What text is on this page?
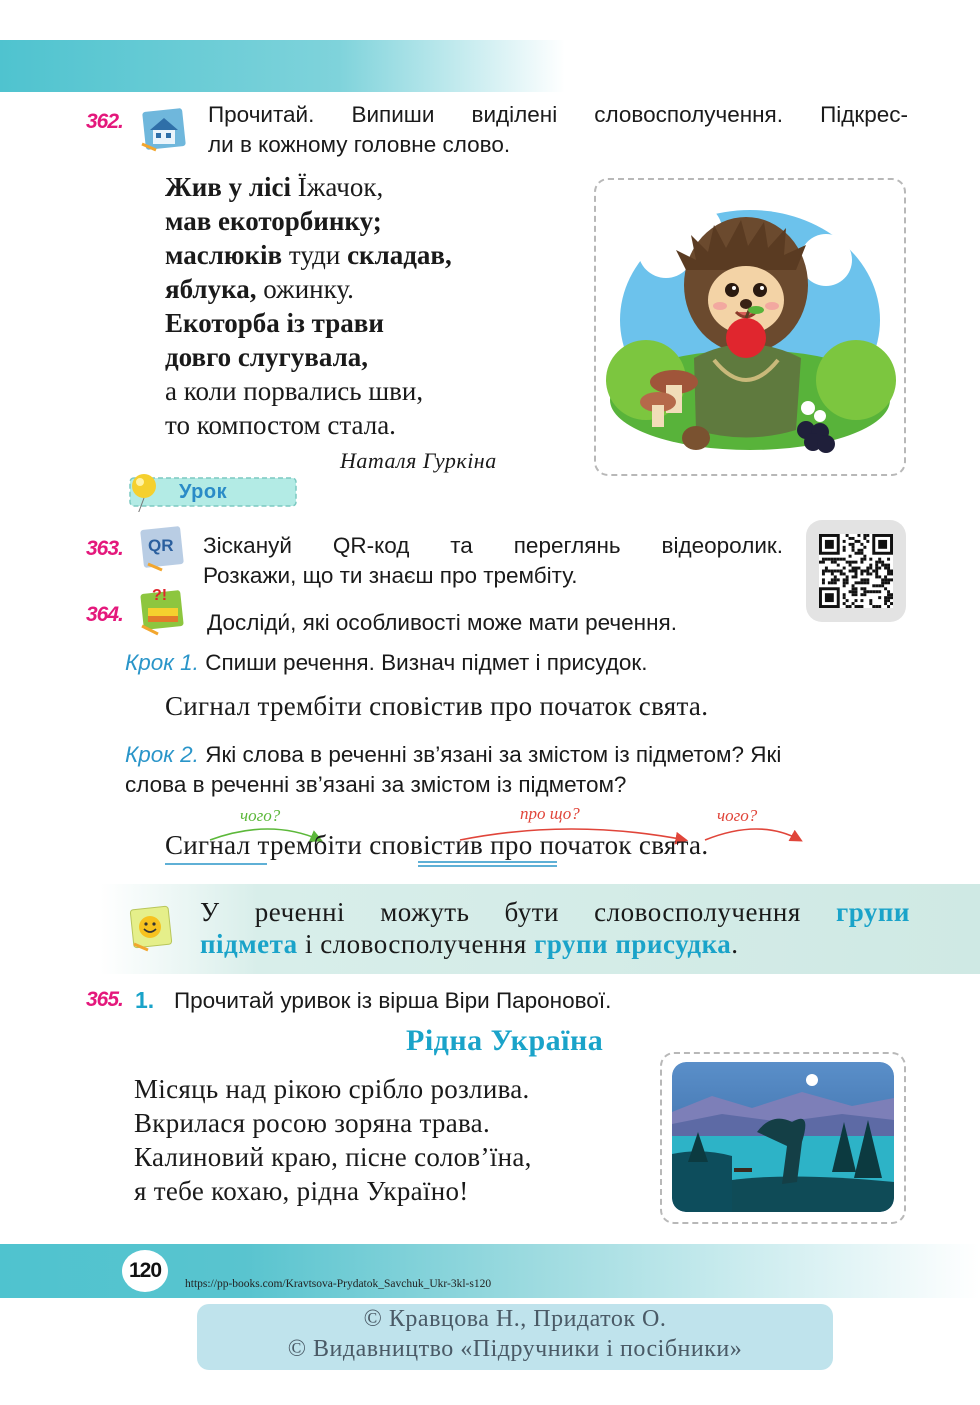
362.	Прочитай. Випиши виділені словосполучення. Підкрес-
ли в кожному головне слово.
Жив у лісі Їжачок,
мав екоторбинку;
маслюків туди складав,
яблука, ожинку.
Екоторба із трави
довго слугувала,
а коли порвались шви,
то компостом стала.
Наталя Гуркіна
Урок
363. QR Зіскануй QR-код та переглянь відеоролик.
Розкажи, що ти знаєш про трембіту.
364.
?!
Досліди́, які особливості може мати речення.
Крок 1. Спиши речення. Визнач підмет і присудок.
Сигнал трембіти сповістив про початок свята.
Крок 2. Які слова в реченні зв’язані за змістом із підметом? Які
слова в реченні зв’язані за змістом із підметом?
чого?	про що?	чого?
Сигнал трембіти сповістив про початок свята.
У реченні можуть бути словосполучення групи
підмета і словосполучення групи присудка.
365. 1. Прочитай уривок із вірша Віри Паронової.
Рідна Україна
Місяць над рікою срібло розлива.
Вкрилася росою зоряна трава.
Калиновий краю, пісне солов’їна,
я тебе кохаю, рідна Україно!
120
https://pp-books.com/Kravtsova-Prydatok_Savchuk_Ukr-3kl-s120
© Кравцова Н., Придаток О.
© Видавництво «Підручники і посібники»
